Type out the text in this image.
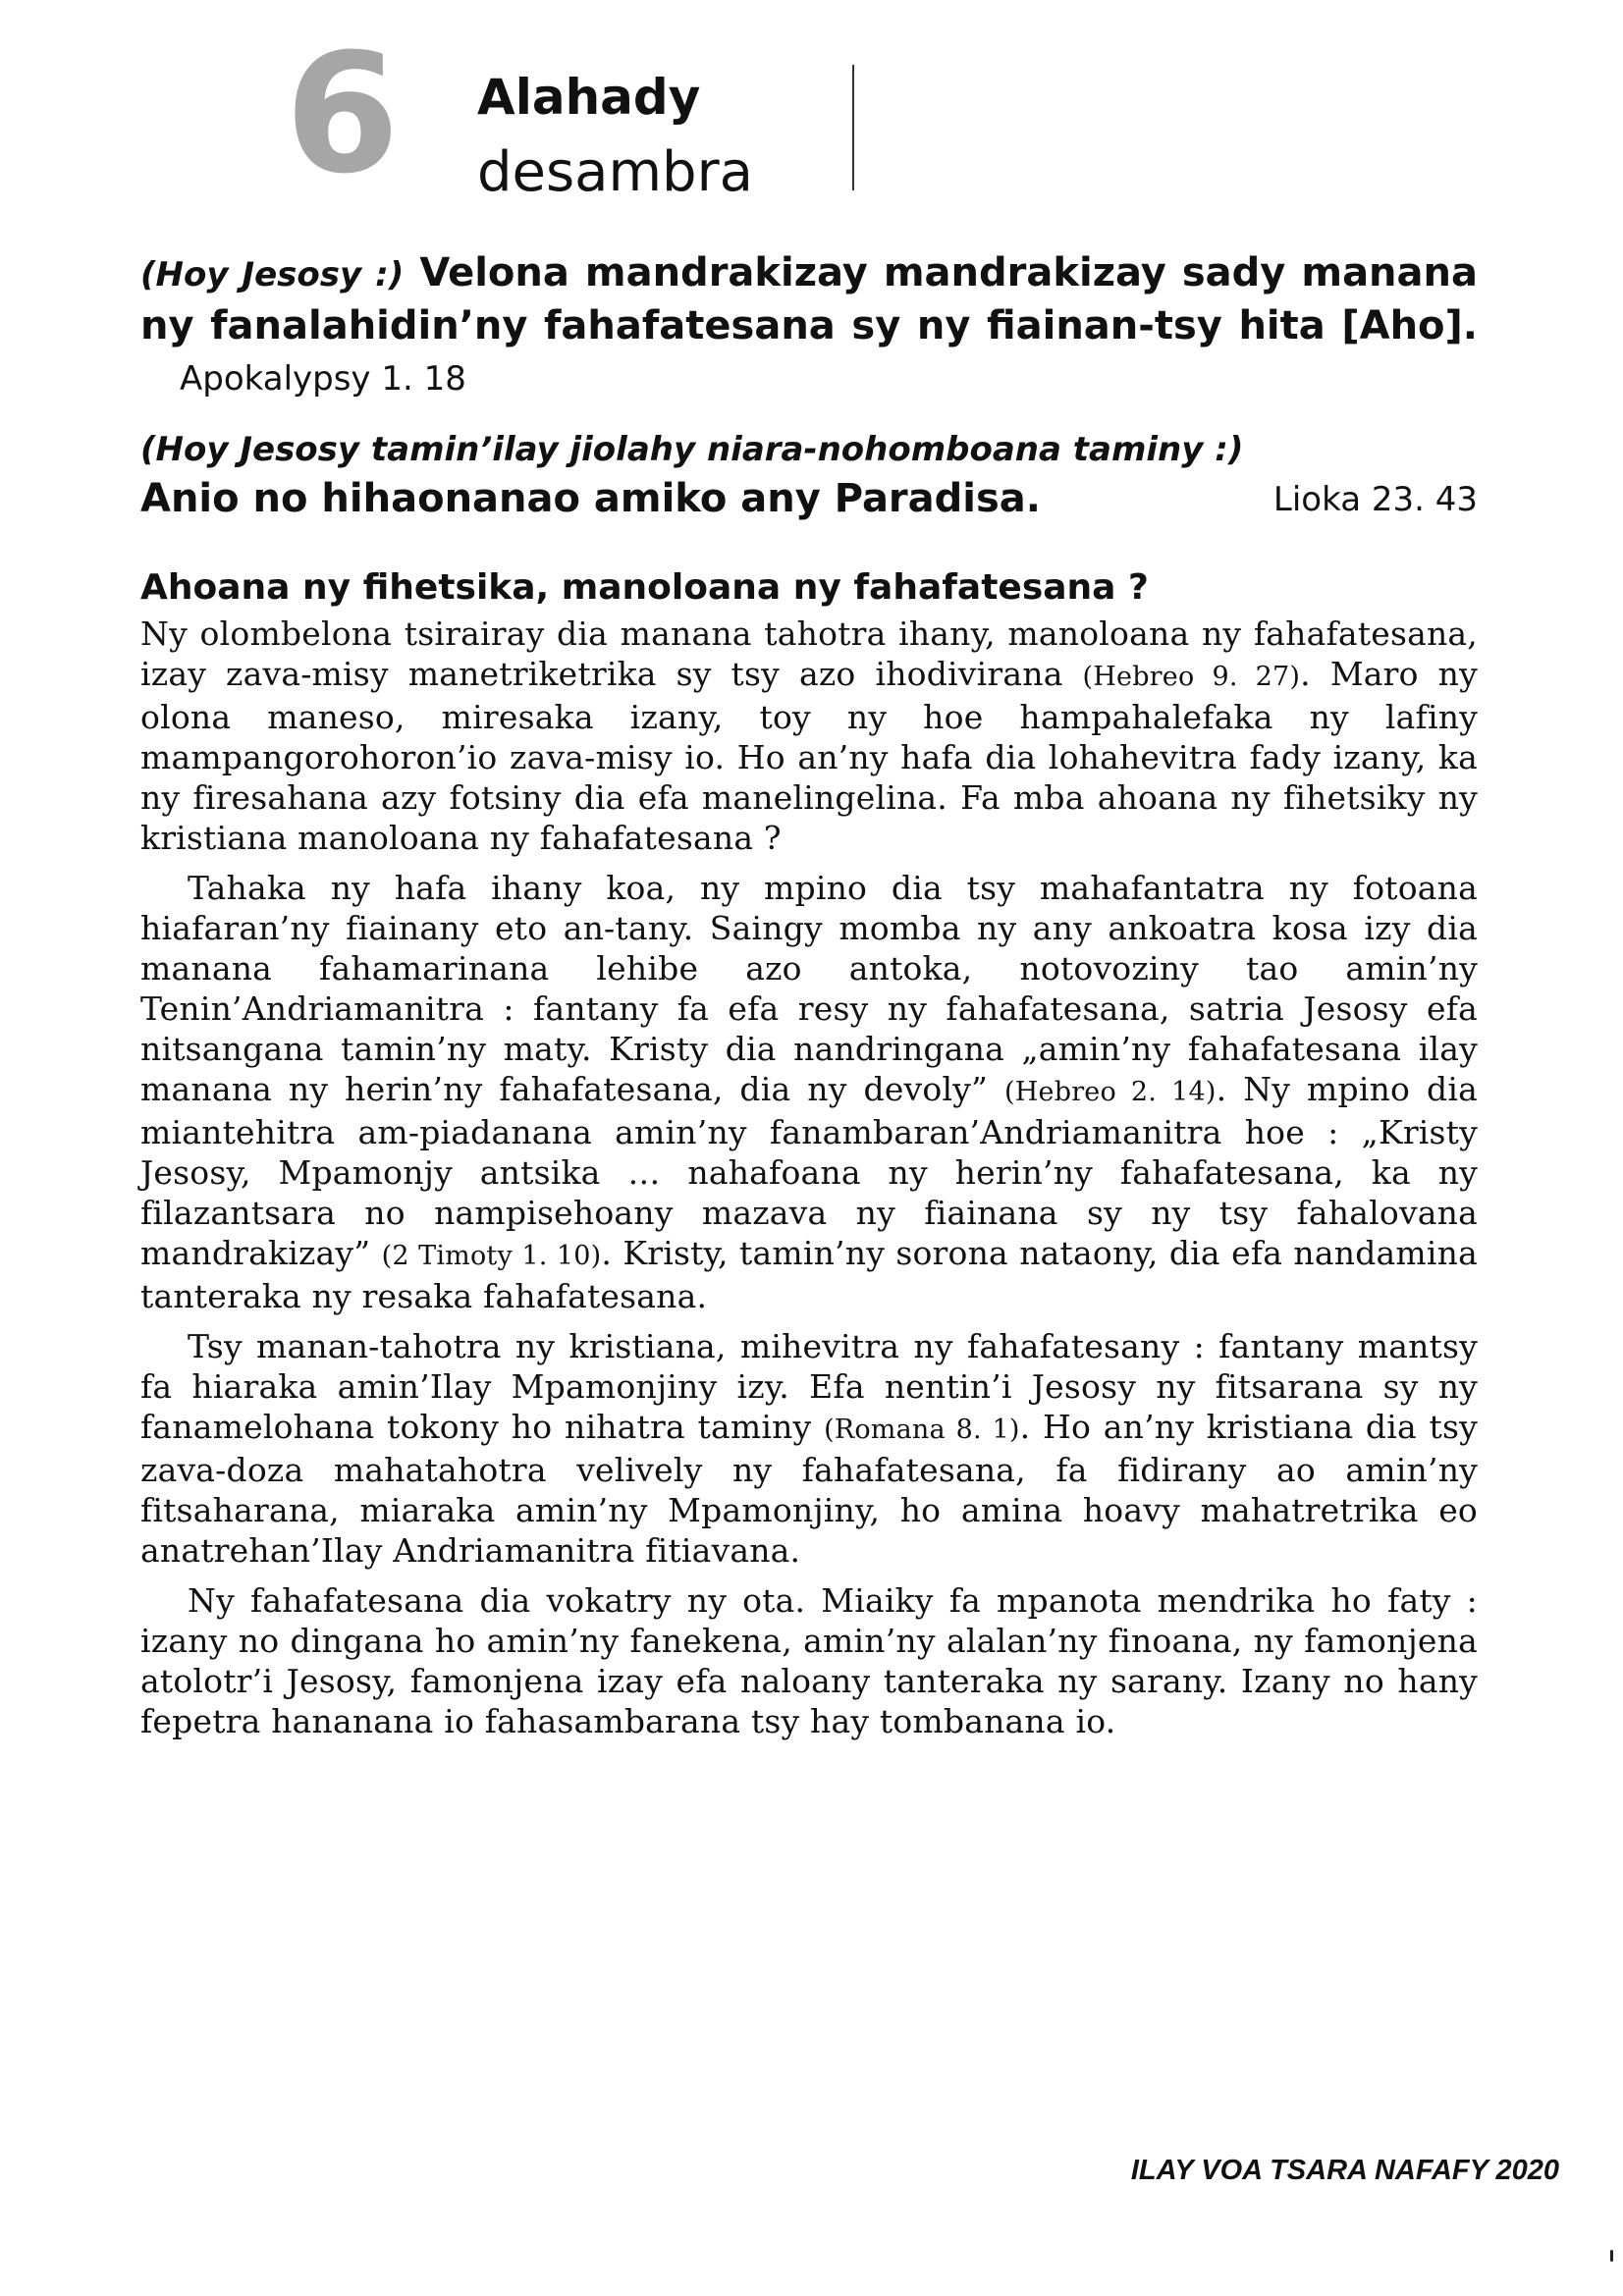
6 Alahady
desambra

(Hoy Jesosy :) Velona mandrakizay mandrakizay sady manana ny fanalahidin’ny fahafatesana sy ny fiainan-tsy hita [Aho]. Apokalypsy 1. 18

(Hoy Jesosy tamin’ilay jiolahy niara-nohomboana taminy :)
Anio no hihaonanao amiko any Paradisa.	Lioka 23. 43
Ahoana ny fihetsika, manoloana ny fahafatesana ?

Ny olombelona tsirairay dia manana tahotra ihany, manoloana ny fahafatesana, izay zava-misy manetriketrika sy tsy azo ihodivirana (Hebreo 9. 27). Maro ny olona maneso, miresaka izany, toy ny hoe hampahalefaka ny lafiny mampangorohoron’io zava-misy io. Ho an’ny hafa dia lohahevitra fady izany, ka ny firesahana azy fotsiny dia efa manelingelina. Fa mba ahoana ny fihetsiky ny kristiana manoloana ny fahafatesana ?

Tahaka ny hafa ihany koa, ny mpino dia tsy mahafantatra ny fotoana hiafaran’ny fiainany eto an-tany. Saingy momba ny any ankoatra kosa izy dia manana fahamarinana lehibe azo antoka, notovoziny tao amin’ny Tenin’Andriamanitra : fantany fa efa resy ny fahafatesana, satria Jesosy efa nitsangana tamin’ny maty. Kristy dia nandringana „amin’ny fahafatesana ilay manana ny herin’ny fahafatesana, dia ny devoly” (Hebreo 2. 14). Ny mpino dia miantehitra am-piadanana amin’ny fanambaran’Andriamanitra hoe : „Kristy Jesosy, Mpamonjy antsika … nahafoana ny herin’ny fahafatesana, ka ny filazantsara no nampisehoany mazava ny fiainana sy ny tsy fahalovana mandrakizay” (2 Timoty 1. 10). Kristy, tamin’ny sorona nataony, dia efa nandamina tanteraka ny resaka fahafatesana.

Tsy manan-tahotra ny kristiana, mihevitra ny fahafatesany : fantany mantsy fa hiaraka amin’Ilay Mpamonjiny izy. Efa nentin’i Jesosy ny fitsarana sy ny fanamelohana tokony ho nihatra taminy (Romana 8. 1). Ho an’ny kristiana dia tsy zava-doza mahatahotra velively ny fahafatesana, fa fidirany ao amin’ny fitsaharana, miaraka amin’ny Mpamonjiny, ho amina hoavy mahatretrika eo anatrehan’Ilay Andriamanitra fitiavana.

Ny fahafatesana dia vokatry ny ota. Miaiky fa mpanota mendrika ho faty : izany no dingana ho amin’ny fanekena, amin’ny alalan’ny finoana, ny famonjena atolotr’i Jesosy, famonjena izay efa naloany tanteraka ny sarany. Izany no hany fepetra hananana io fahasambarana tsy hay tombanana io.

ILAY VOA TSARA NAFAFY 2020
